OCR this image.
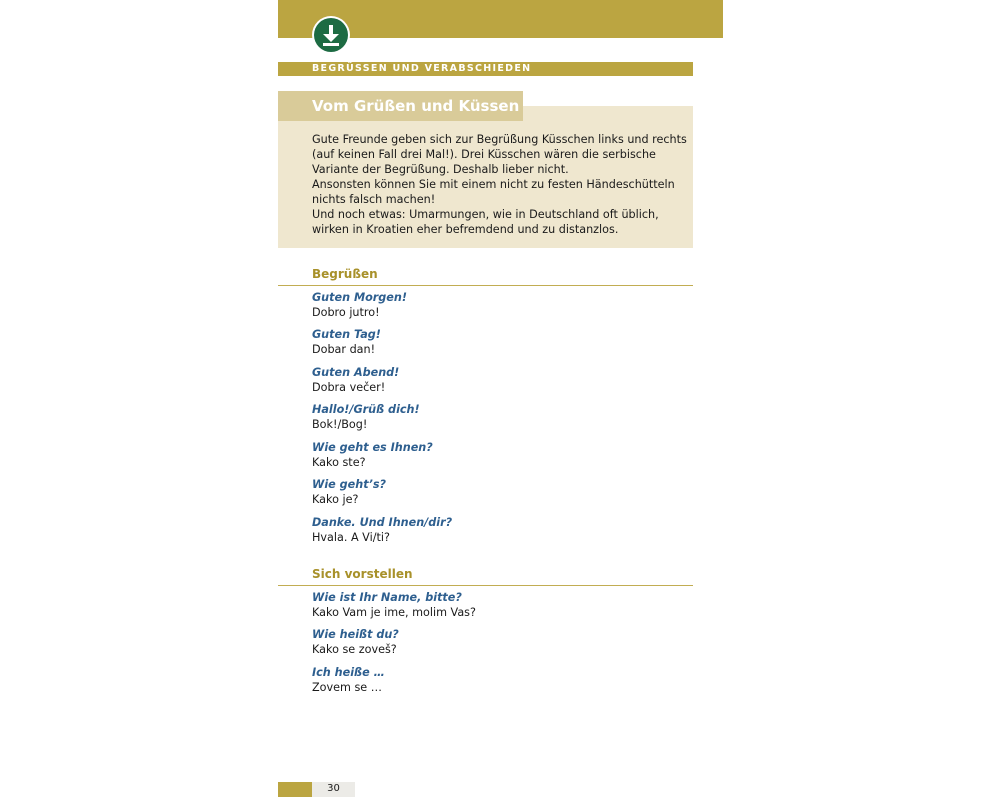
BEGRÜSSEN UND VERABSCHIEDEN
Vom Grüßen und Küssen
Gute Freunde geben sich zur Begrüßung Küsschen links und rechts
(auf keinen Fall drei Mal!). Drei Küsschen wären die serbische
Variante der Begrüßung. Deshalb lieber nicht.
Ansonsten können Sie mit einem nicht zu festen Händeschütteln
nichts falsch machen!
Und noch etwas: Umarmungen, wie in Deutschland oft üblich,
wirken in Kroatien eher befremdend und zu distanzlos.
Begrüßen
Guten Morgen!
Dobro jutro!
Guten Tag!
Dobar dan!
Guten Abend!
Dobra večer!
Hallo!/Grüß dich!
Bok!/Bog!
Wie geht es Ihnen?
Kako ste?
Wie geht’s?
Kako je?
Danke. Und Ihnen/dir?
Hvala. A Vi/ti?
Sich vorstellen
Wie ist Ihr Name, bitte?
Kako Vam je ime, molim Vas?
Wie heißt du?
Kako se zoveš?
Ich heiße …
Zovem se …
30
